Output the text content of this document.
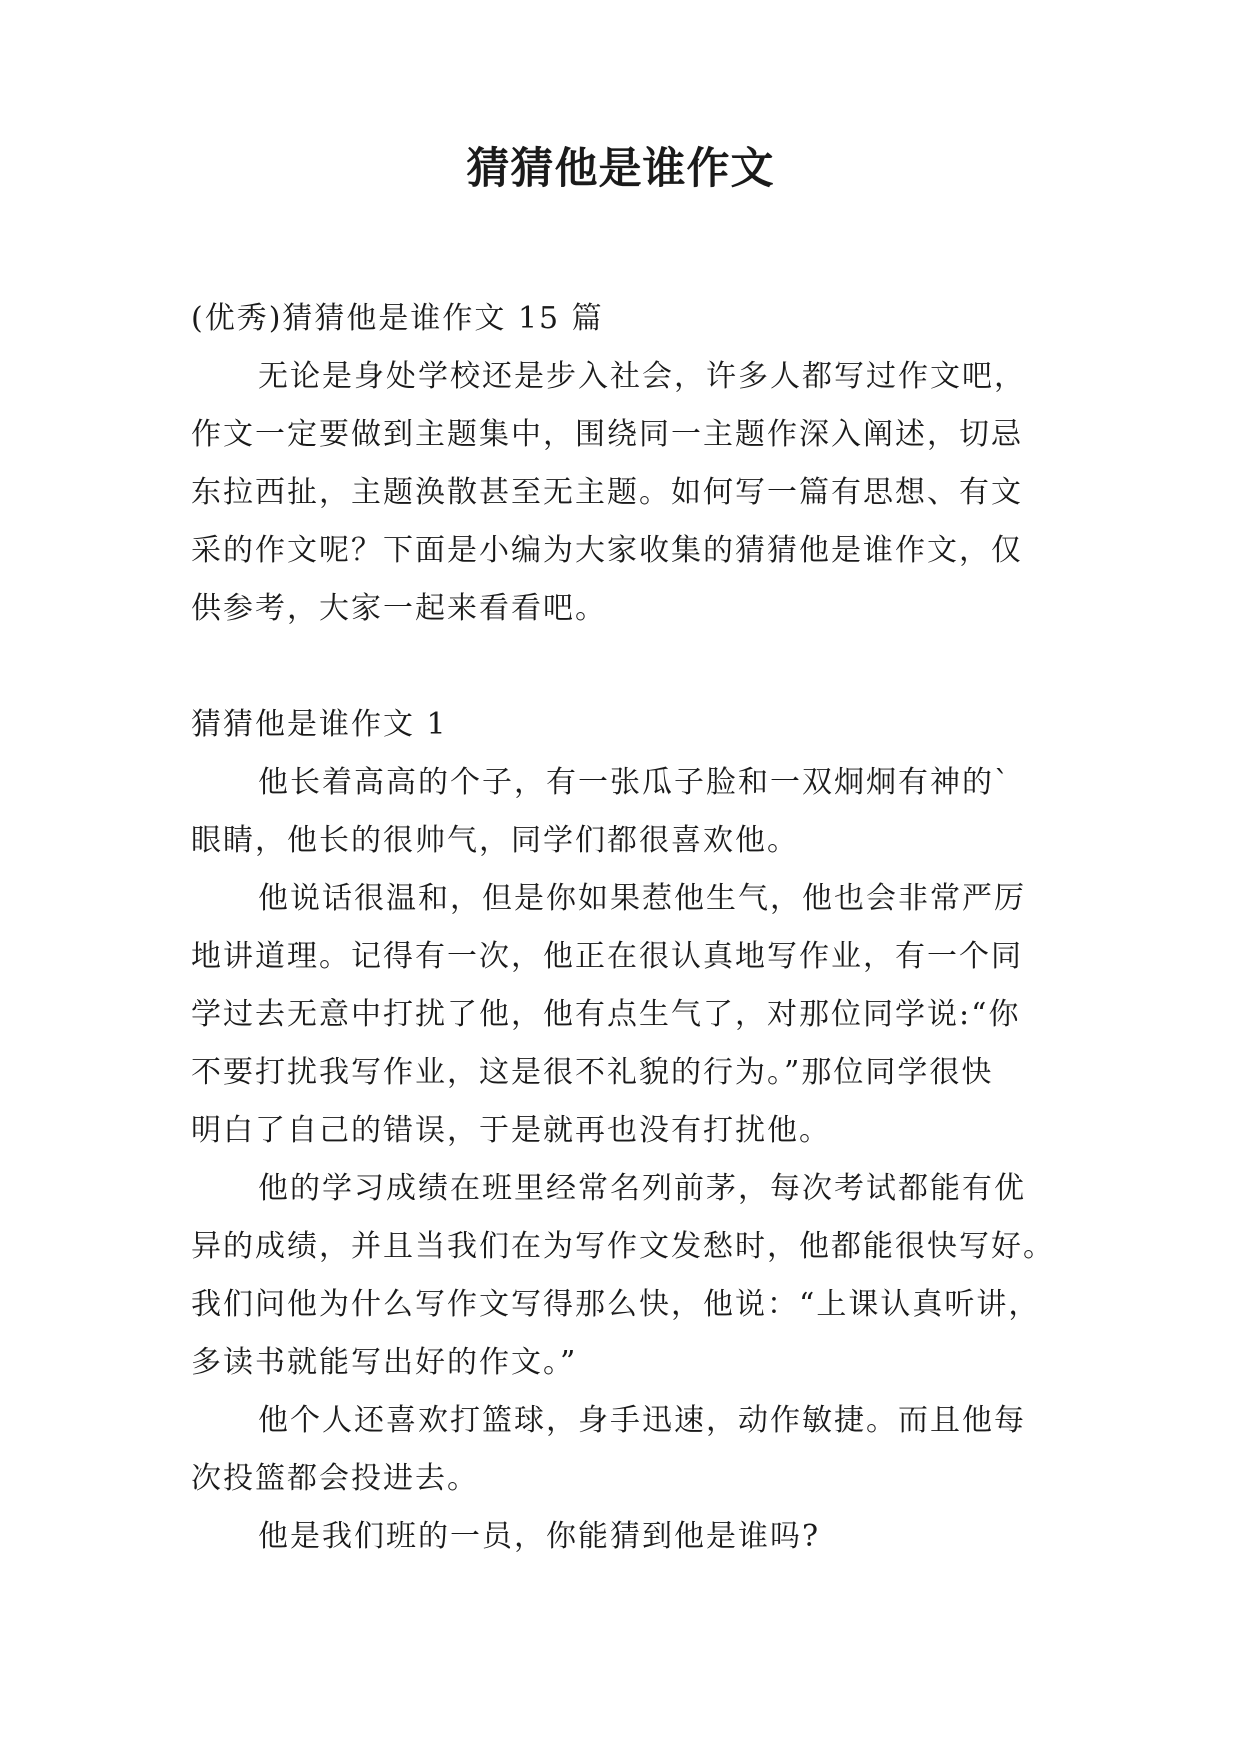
猜猜他是谁作文
(优秀)猜猜他是谁作文 15 篇
无论是身处学校还是步入社会，许多人都写过作文吧，
作文一定要做到主题集中，围绕同一主题作深入阐述，切忌
东拉西扯，主题涣散甚至无主题。如何写一篇有思想、有文
采的作文呢？下面是小编为大家收集的猜猜他是谁作文，仅
供参考，大家一起来看看吧。
猜猜他是谁作文 1
他长着高高的个子，有一张瓜子脸和一双炯炯有神的`
眼睛，他长的很帅气，同学们都很喜欢他。
他说话很温和，但是你如果惹他生气，他也会非常严厉
地讲道理。记得有一次，他正在很认真地写作业，有一个同
学过去无意中打扰了他，他有点生气了，对那位同学说:“你
不要打扰我写作业，这是很不礼貌的行为。”那位同学很快
明白了自己的错误，于是就再也没有打扰他。
他的学习成绩在班里经常名列前茅，每次考试都能有优
异的成绩，并且当我们在为写作文发愁时，他都能很快写好。
我们问他为什么写作文写得那么快，他说：“上课认真听讲，
多读书就能写出好的作文。”
他个人还喜欢打篮球，身手迅速，动作敏捷。而且他每
次投篮都会投进去。
他是我们班的一员，你能猜到他是谁吗?
